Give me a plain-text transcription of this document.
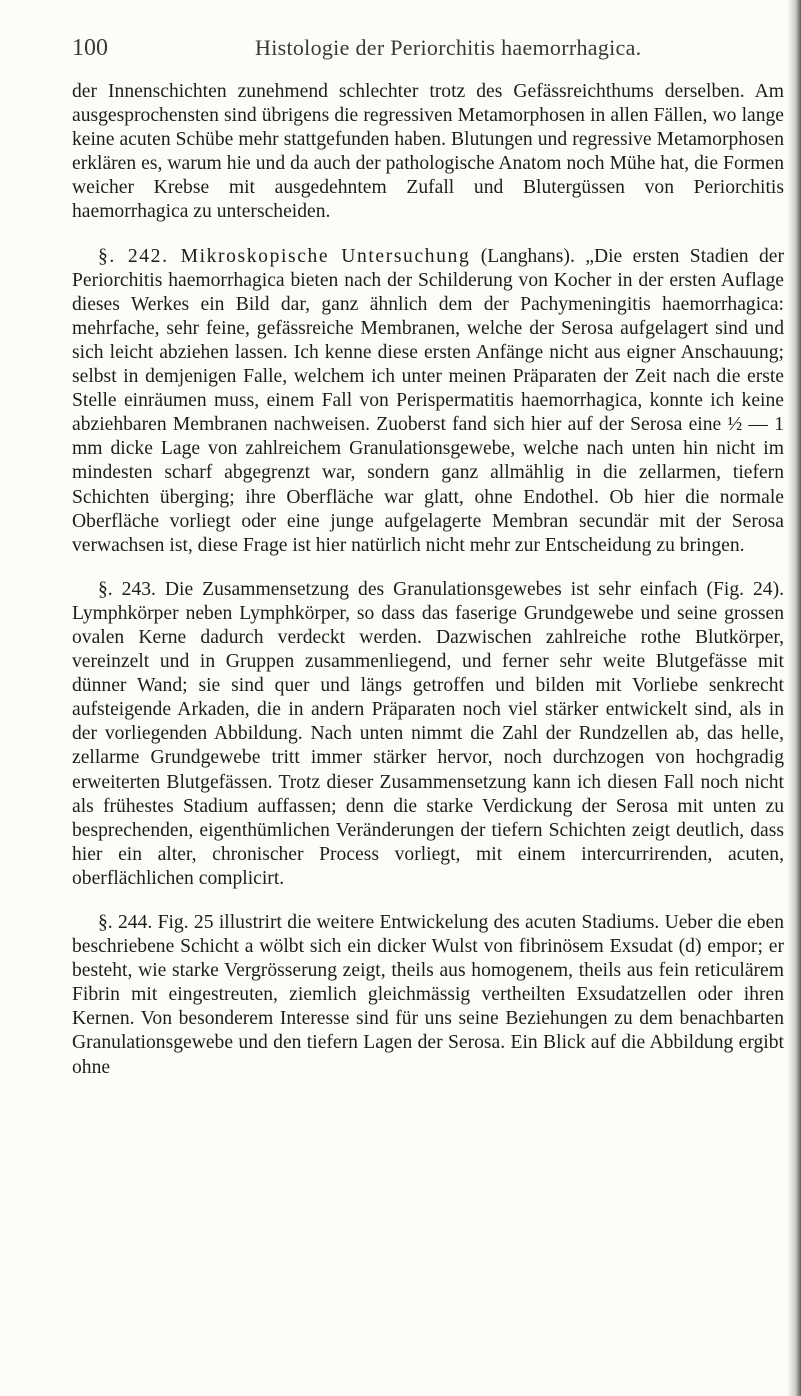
100	Histologie der Periorchitis haemorrhagica.

der Innenschichten zunehmend schlechter trotz des Gefässreichthums derselben. Am ausgesprochensten sind übrigens die regressiven Metamorphosen in allen Fällen, wo lange keine acuten Schübe mehr stattgefunden haben. Blutungen und regressive Metamorphosen erklären es, warum hie und da auch der pathologische Anatom noch Mühe hat, die Formen weicher Krebse mit ausgedehntem Zufall und Blutergüssen von Periorchitis haemorrhagica zu unterscheiden.

§. 242. Mikroskopische Untersuchung (Langhans). „Die ersten Stadien der Periorchitis haemorrhagica bieten nach der Schilderung von Kocher in der ersten Auflage dieses Werkes ein Bild dar, ganz ähnlich dem der Pachymeningitis haemorrhagica: mehrfache, sehr feine, gefässreiche Membranen, welche der Serosa aufgelagert sind und sich leicht abziehen lassen. Ich kenne diese ersten Anfänge nicht aus eigner Anschauung; selbst in demjenigen Falle, welchem ich unter meinen Präparaten der Zeit nach die erste Stelle einräumen muss, einem Fall von Perispermatitis haemorrhagica, konnte ich keine abziehbaren Membranen nachweisen. Zuoberst fand sich hier auf der Serosa eine ½ — 1 mm dicke Lage von zahlreichem Granulationsgewebe, welche nach unten hin nicht im mindesten scharf abgegrenzt war, sondern ganz allmählig in die zellarmen, tiefern Schichten überging; ihre Oberfläche war glatt, ohne Endothel. Ob hier die normale Oberfläche vorliegt oder eine junge aufgelagerte Membran secundär mit der Serosa verwachsen ist, diese Frage ist hier natürlich nicht mehr zur Entscheidung zu bringen.

§. 243. Die Zusammensetzung des Granulationsgewebes ist sehr einfach (Fig. 24). Lymphkörper neben Lymphkörper, so dass das faserige Grundgewebe und seine grossen ovalen Kerne dadurch verdeckt werden. Dazwischen zahlreiche rothe Blutkörper, vereinzelt und in Gruppen zusammenliegend, und ferner sehr weite Blutgefässe mit dünner Wand; sie sind quer und längs getroffen und bilden mit Vorliebe senkrecht aufsteigende Arkaden, die in andern Präparaten noch viel stärker entwickelt sind, als in der vorliegenden Abbildung. Nach unten nimmt die Zahl der Rundzellen ab, das helle, zellarme Grundgewebe tritt immer stärker hervor, noch durchzogen von hochgradig erweiterten Blutgefässen. Trotz dieser Zusammensetzung kann ich diesen Fall noch nicht als frühestes Stadium auffassen; denn die starke Verdickung der Serosa mit unten zu besprechenden, eigenthümlichen Veränderungen der tiefern Schichten zeigt deutlich, dass hier ein alter, chronischer Process vorliegt, mit einem intercurrirenden, acuten, oberflächlichen complicirt.

§. 244. Fig. 25 illustrirt die weitere Entwickelung des acuten Stadiums. Ueber die eben beschriebene Schicht a wölbt sich ein dicker Wulst von fibrinösem Exsudat (d) empor; er besteht, wie starke Vergrösserung zeigt, theils aus homogenem, theils aus fein reticulärem Fibrin mit eingestreuten, ziemlich gleichmässig vertheilten Exsudatzellen oder ihren Kernen. Von besonderem Interesse sind für uns seine Beziehungen zu dem benachbarten Granulationsgewebe und den tiefern Lagen der Serosa. Ein Blick auf die Abbildung ergibt ohne
